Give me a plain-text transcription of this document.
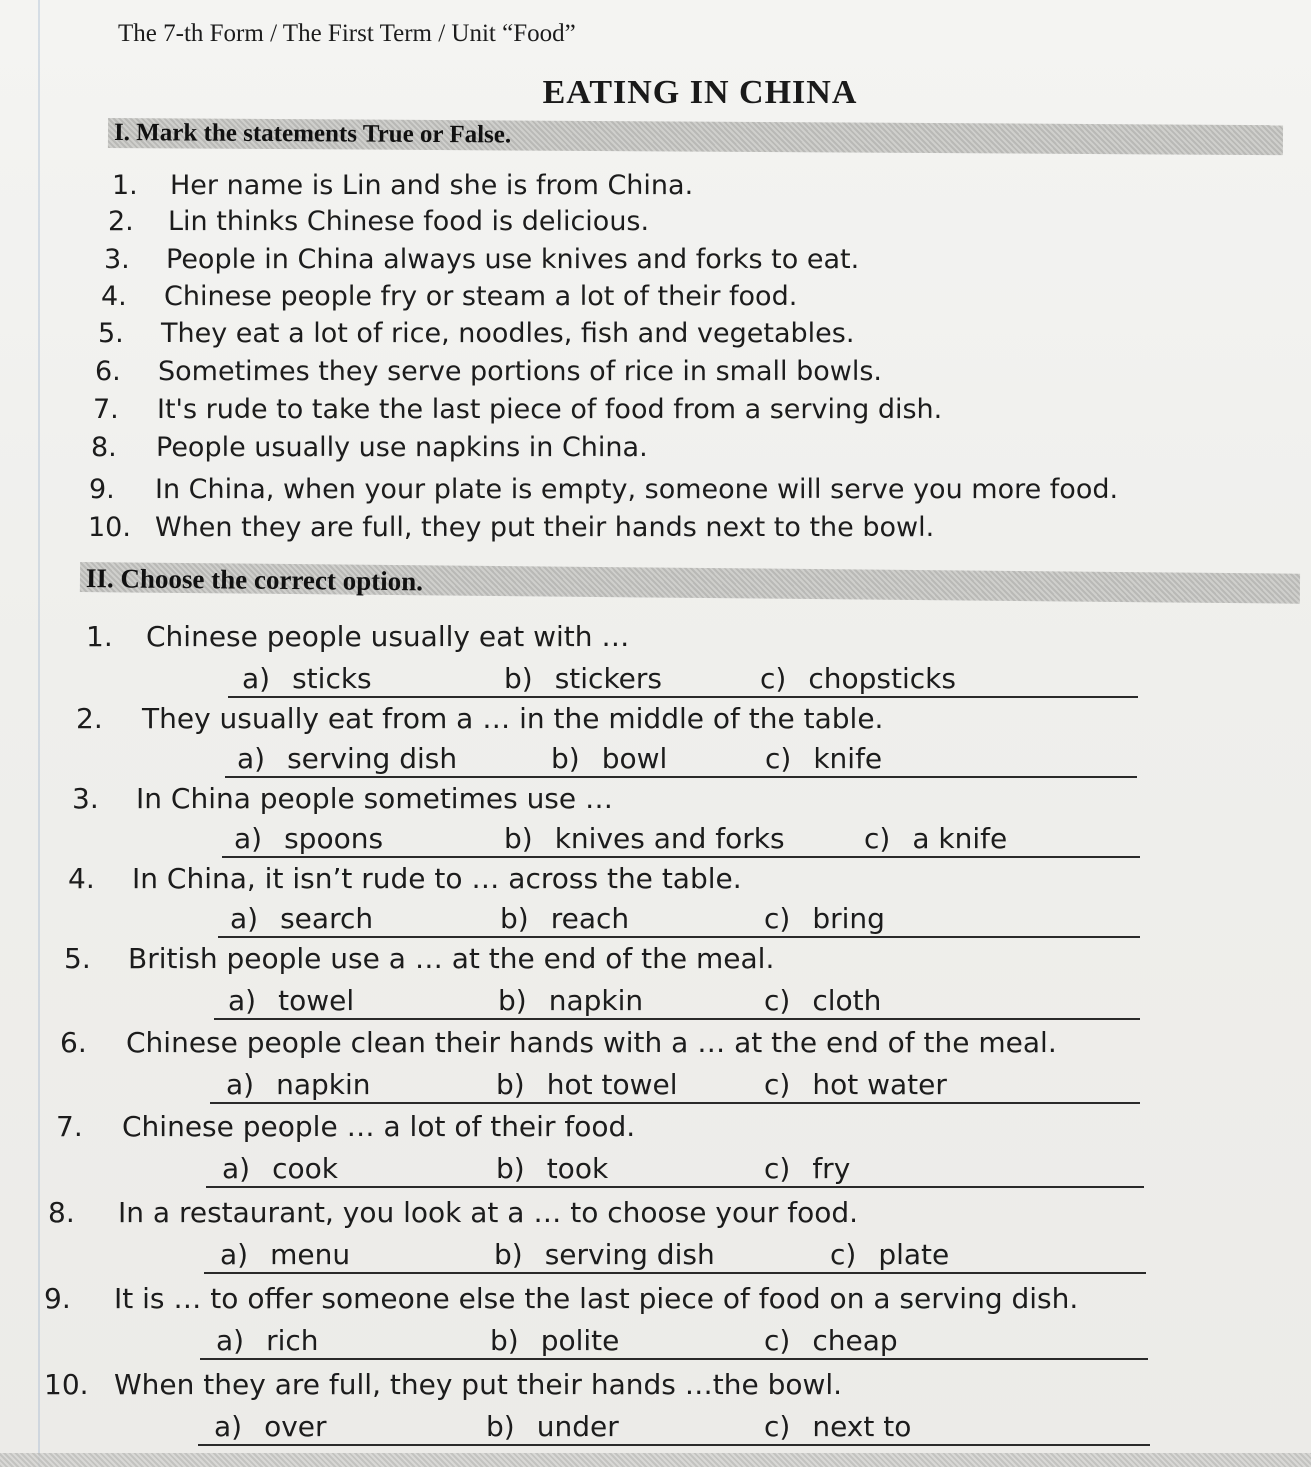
The 7-th Form / The First Term / Unit “Food”
EATING IN CHINA
I. Mark the statements True or False.
1. Her name is Lin and she is from China.
2. Lin thinks Chinese food is delicious.
3. People in China always use knives and forks to eat.
4. Chinese people fry or steam a lot of their food.
5. They eat a lot of rice, noodles, fish and vegetables.
6. Sometimes they serve portions of rice in small bowls.
7. It's rude to take the last piece of food from a serving dish.
8. People usually use napkins in China.
9. In China, when your plate is empty, someone will serve you more food.
10. When they are full, they put their hands next to the bowl.
II. Choose the correct option.
1. Chinese people usually eat with …
a) sticks	b) stickers	c) chopsticks
2. They usually eat from a … in the middle of the table.
a) serving dish	b) bowl	c) knife
3. In China people sometimes use …
a) spoons	b) knives and forks	c) a knife
4. In China, it isn’t rude to … across the table.
a) search	b) reach	c) bring
5. British people use a … at the end of the meal.
a) towel	b) napkin	c) cloth
6. Chinese people clean their hands with a … at the end of the meal.
a) napkin	b) hot towel	c) hot water
7. Chinese people … a lot of their food.
a) cook	b) took	c) fry
8. In a restaurant, you look at a … to choose your food.
a) menu	b) serving dish	c) plate
9. It is … to offer someone else the last piece of food on a serving dish.
a) rich	b) polite	c) cheap
10. When they are full, they put their hands …the bowl.
a) over	b) under	c) next to
